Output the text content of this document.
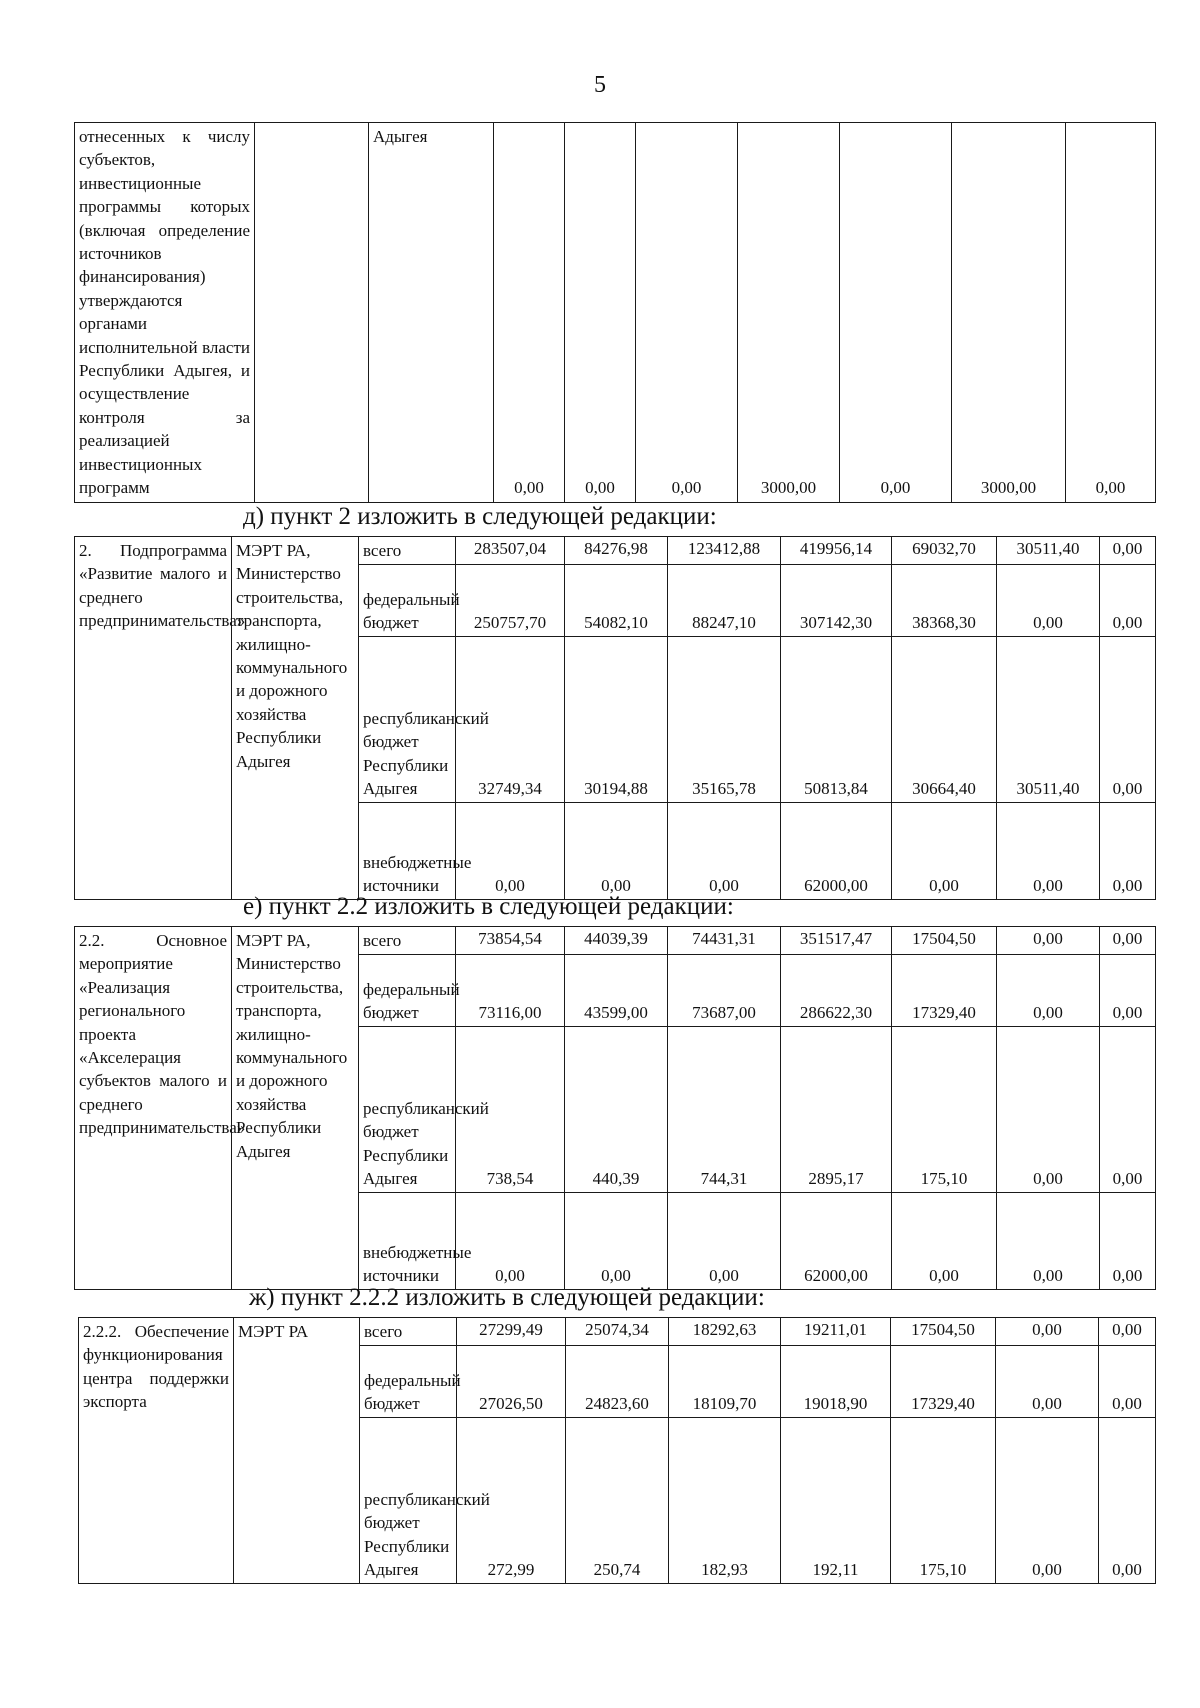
5
отнесенных к числу субъектов, инвестиционные программы которых (включая определение источников финансирования) утверждаются органами исполнительной власти Республики Адыгея, и осуществление контроля за реализацией инвестиционных программ		Адыгея	0,00	0,00	0,00	3000,00	0,00	3000,00	0,00
д) пункт 2 изложить в следующей редакции:
2. Подпрограмма «Развитие малого и среднего предпринимательства»	МЭРТ РА, Министерство строительства, транспорта, жилищно-коммунального и дорожного хозяйства Республики Адыгея	всего	283507,04	84276,98	123412,88	419956,14	69032,70	30511,40	0,00
		федеральный бюджет	250757,70	54082,10	88247,10	307142,30	38368,30	0,00	0,00
		республиканский бюджет Республики Адыгея	32749,34	30194,88	35165,78	50813,84	30664,40	30511,40	0,00
		внебюджетные источники	0,00	0,00	0,00	62000,00	0,00	0,00	0,00
е) пункт 2.2 изложить в следующей редакции:
2.2. Основное мероприятие «Реализация регионального проекта «Акселерация субъектов малого и среднего предпринимательства»	МЭРТ РА, Министерство строительства, транспорта, жилищно-коммунального и дорожного хозяйства Республики Адыгея	всего	73854,54	44039,39	74431,31	351517,47	17504,50	0,00	0,00
		федеральный бюджет	73116,00	43599,00	73687,00	286622,30	17329,40	0,00	0,00
		республиканский бюджет Республики Адыгея	738,54	440,39	744,31	2895,17	175,10	0,00	0,00
		внебюджетные источники	0,00	0,00	0,00	62000,00	0,00	0,00	0,00
ж) пункт 2.2.2 изложить в следующей редакции:
2.2.2. Обеспечение функционирования центра поддержки экспорта	МЭРТ РА	всего	27299,49	25074,34	18292,63	19211,01	17504,50	0,00	0,00
		федеральный бюджет	27026,50	24823,60	18109,70	19018,90	17329,40	0,00	0,00
		республиканский бюджет Республики Адыгея	272,99	250,74	182,93	192,11	175,10	0,00	0,00
